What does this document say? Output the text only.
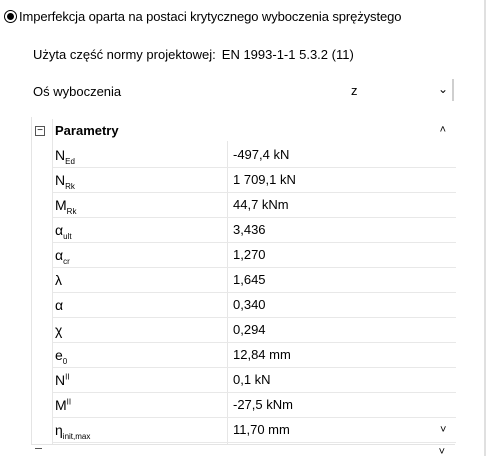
Imperfekcja oparta na postaci krytycznego wyboczenia sprężystego
Użyta część normy projektowej: EN 1993-1-1 5.3.2 (11)
Oś wyboczenia	z	⌄
− Parametry	˄
$N_{Ed}$	-497,4 kN
$N_{Rk}$	1 709,1 kN
$M_{Rk}$	44,7 kNm
$\alpha_{ult}$	3,436
$\alpha_{cr}$	1,270
λ	1,645
α	0,340
χ	0,294
$e_0$	12,84 mm
$N^{II}$	0,1 kN
$M^{II}$	-27,5 kNm
$\eta_{init,max}$	11,70 mm	˅
˅
